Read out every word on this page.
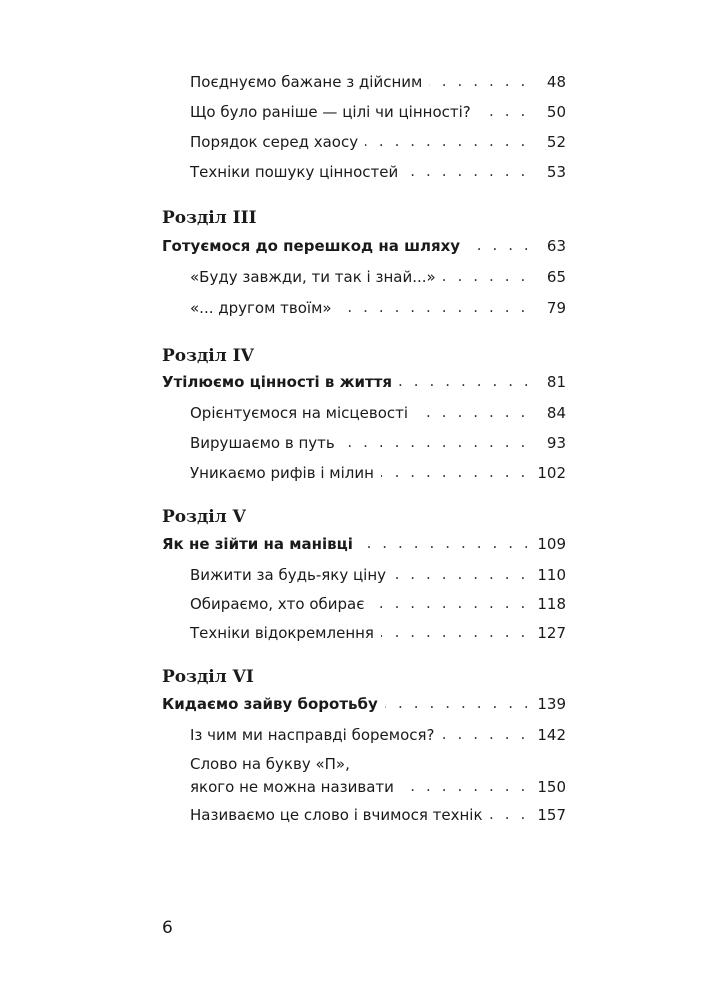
. . .
Поєднуємо бажане з дійсним	48
. . .
Що було раніше — цілі чи цінності?	50
. . .
Порядок серед хаосу	52
. . .
Техніки пошуку цінностей	53
Розділ ІІІ
. . .
Готуємося до перешкод на шляху	63
. . .
«Буду завжди, ти так і знай...»	65
. . .
«... другом твоїм»	79
Розділ IV
. . .
Утілюємо цінності в життя	81
. . .
Орієнтуємося на місцевості	84
. . .
Вирушаємо в путь	93
. . .
Уникаємо рифів і мілин	102
Розділ V
. . .
Як не зійти на манівці	109
. . .
Вижити за будь-яку ціну	110
. . .
Обираємо, хто обирає	118
. . .
Техніки відокремлення	127
Розділ VI
. . .
Кидаємо зайву боротьбу	139
. . .
Із чим ми насправді боремося?	142
Слово на букву «П»,
. . .
якого не можна називати	150
. . .
Називаємо це слово і вчимося технік	157
6
